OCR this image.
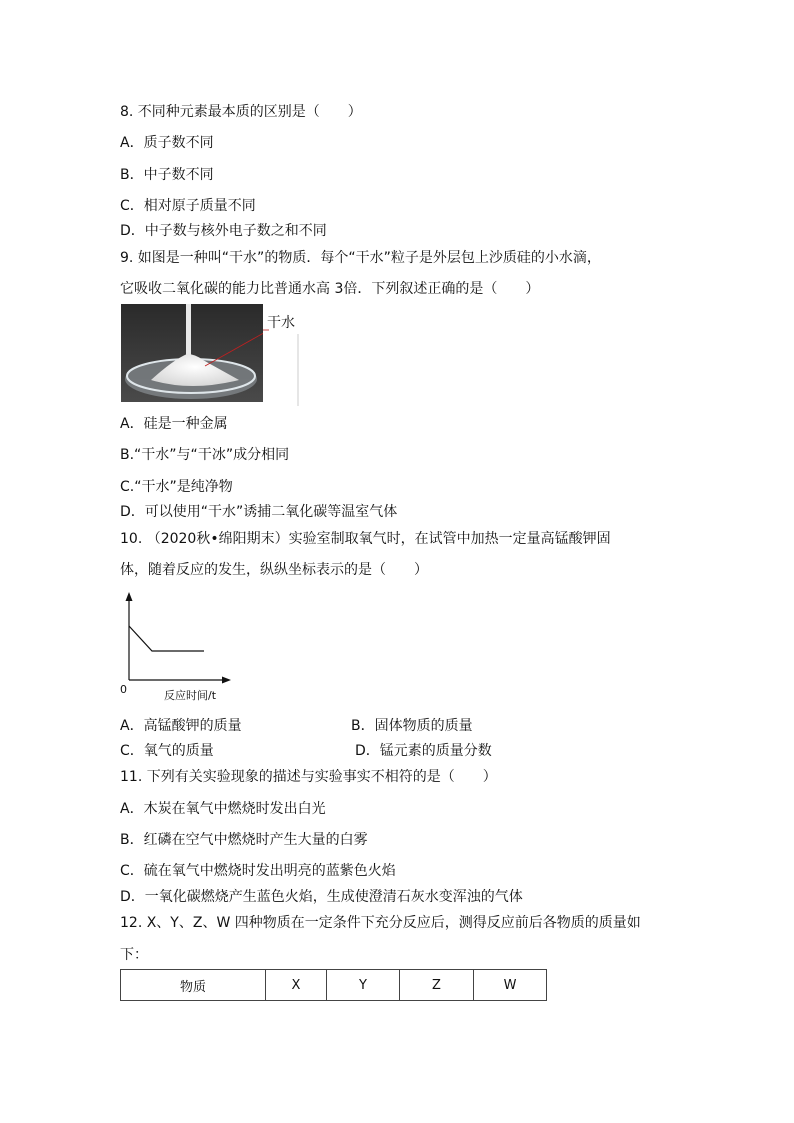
8. 不同种元素最本质的区别是（　　）
A．质子数不同
B．中子数不同
C．相对原子质量不同
D．中子数与核外电子数之和不同
9. 如图是一种叫“干水”的物质．每个“干水”粒子是外层包上沙质硅的小水滴，
它吸收二氧化碳的能力比普通水高 3倍．下列叙述正确的是（　　）
干水
A．硅是一种金属
B.“干水”与“干冰”成分相同
C.“干水”是纯净物
D．可以使用“干水”诱捕二氧化碳等温室气体
10. （2020秋•绵阳期末）实验室制取氧气时，在试管中加热一定量高锰酸钾固
体，随着反应的发生，纵纵坐标表示的是（　　）
0	反应时间/t
A．高锰酸钾的质量	B．固体物质的质量
C．氧气的质量	D．锰元素的质量分数
11. 下列有关实验现象的描述与实验事实不相符的是（　　）
A．木炭在氧气中燃烧时发出白光
B．红磷在空气中燃烧时产生大量的白雾
C．硫在氧气中燃烧时发出明亮的蓝紫色火焰
D．一氧化碳燃烧产生蓝色火焰，生成使澄清石灰水变浑浊的气体
12. X、Y、Z、W 四种物质在一定条件下充分反应后，测得反应前后各物质的质量如
下：
物质	X	Y	Z	W
